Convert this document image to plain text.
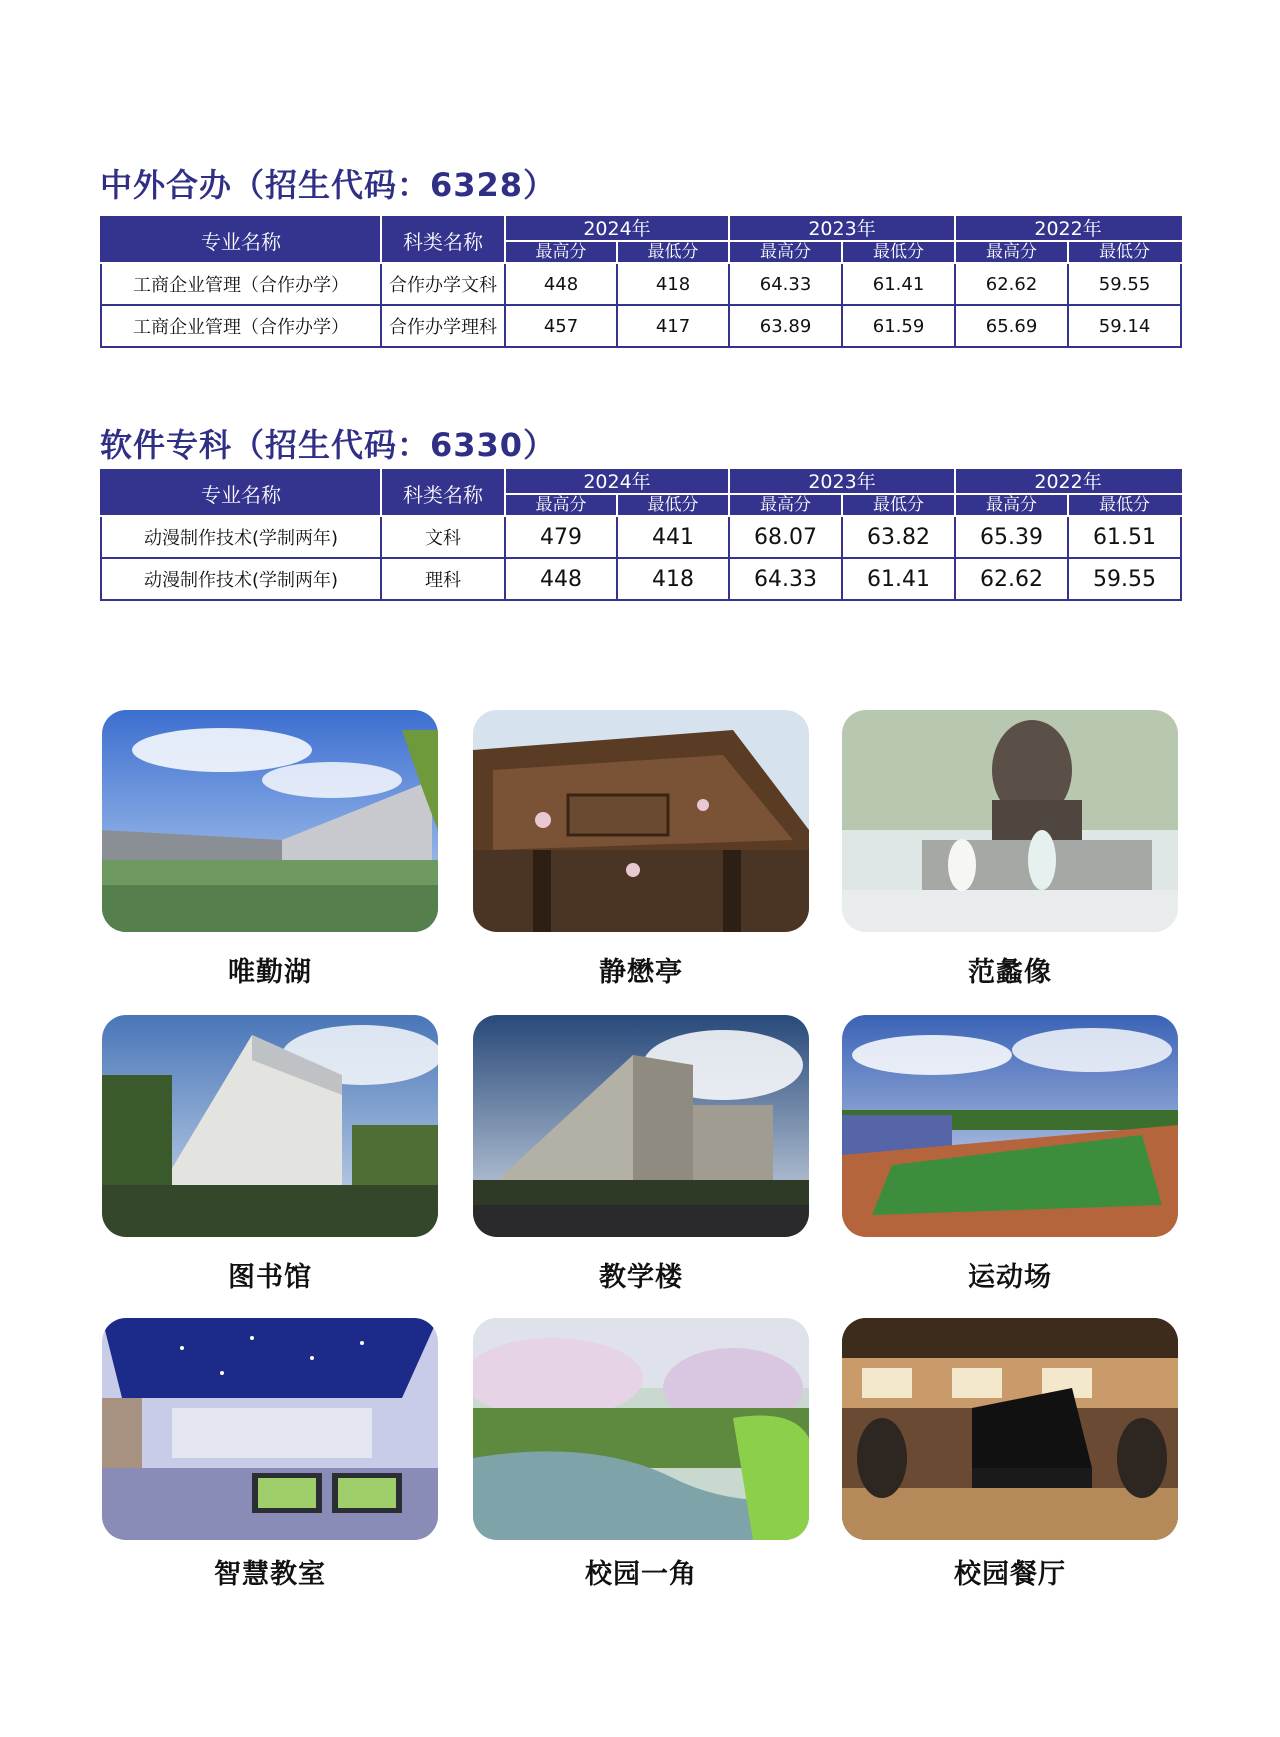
中外合办（招生代码：6328）
专业名称	科类名称	2024年		2023年		2022年	
		最高分	最低分	最高分	最低分	最高分	最低分
工商企业管理（合作办学）	合作办学文科	448	418	64.33	61.41	62.62	59.55
工商企业管理（合作办学）	合作办学理科	457	417	63.89	61.59	65.69	59.14
软件专科（招生代码：6330）
专业名称	科类名称	2024年		2023年		2022年	
		最高分	最低分	最高分	最低分	最高分	最低分
动漫制作技术(学制两年)	文科	479	441	68.07	63.82	65.39	61.51
动漫制作技术(学制两年)	理科	448	418	64.33	61.41	62.62	59.55
唯勤湖	静懋亭	范蠡像
图书馆	教学楼	运动场
智慧教室	校园一角	校园餐厅
